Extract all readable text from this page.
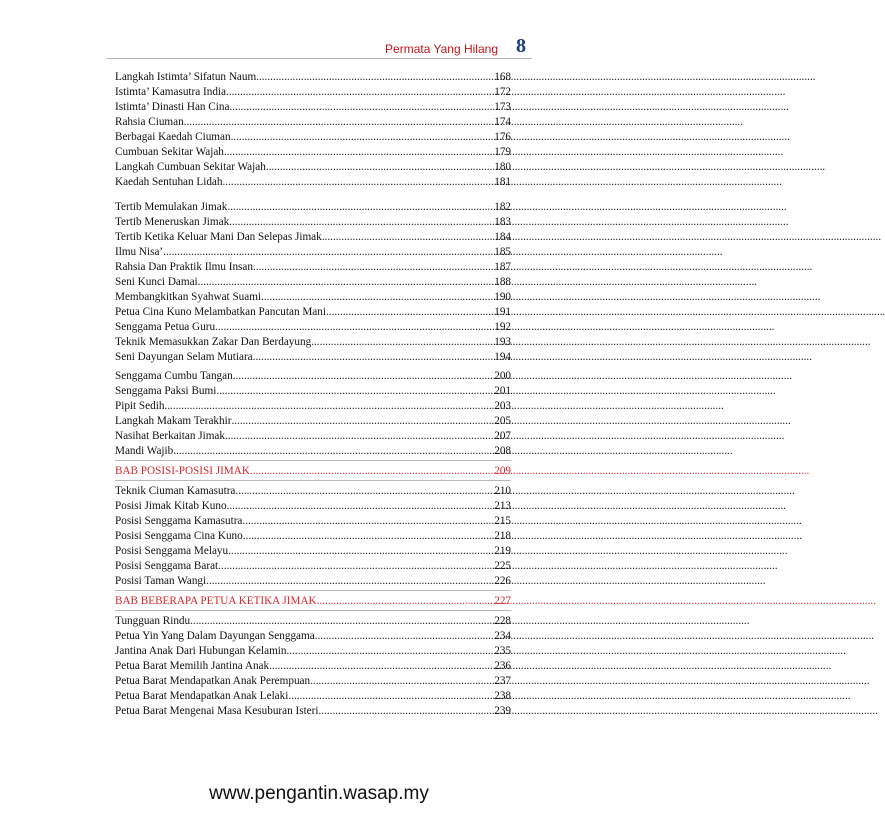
Permata Yang Hilang 8
Langkah Istimta’ Sifatun Naum .....	168
Istimta’ Kamasutra India .....	172
Istimta’ Dinasti Han Cina .....	173
Rahsia Ciuman .....	174
Berbagai Kaedah Ciuman .....	176
Cumbuan Sekitar Wajah .....	179
Langkah Cumbuan Sekitar Wajah .....	180
Kaedah Sentuhan Lidah .....	181
Tertib Memulakan Jimak .....	182
Tertib Meneruskan Jimak .....	183
Tertib Ketika Keluar Mani Dan Selepas Jimak .....	184
Ilmu Nisa’ .....	185
Rahsia Dan Praktik Ilmu Insan .....	187
Seni Kunci Damai .....	188
Membangkitkan Syahwat Suami .....	190
Petua Cina Kuno Melambatkan Pancutan Mani .....	191
Senggama Petua Guru .....	192
Teknik Memasukkan Zakar Dan Berdayung .....	193
Seni Dayungan Selam Mutiara .....	194
Senggama Cumbu Tangan .....	200
Senggama Paksi Bumi .....	201
Pipit Sedih .....	203
Langkah Makam Terakhir .....	205
Nasihat Berkaitan Jimak .....	207
Mandi Wajib .....	208
BAB POSISI-POSISI JIMAK .....	209
Teknik Ciuman Kamasutra .....	210
Posisi Jimak Kitab Kuno .....	213
Posisi Senggama Kamasutra .....	215
Posisi Senggama Cina Kuno .....	218
Posisi Senggama Melayu .....	219
Posisi Senggama Barat .....	225
Posisi Taman Wangi .....	226
BAB BEBERAPA PETUA KETIKA JIMAK .....	227
Tungguan Rindu .....	228
Petua Yin Yang Dalam Dayungan Senggama .....	234
Jantina Anak Dari Hubungan Kelamin .....	235
Petua Barat Memilih Jantina Anak. .....	236
Petua Barat Mendapatkan Anak Perempuan .....	237
Petua Barat Mendapatkan Anak Lelaki. .....	238
Petua Barat Mengenai Masa Kesuburan Isteri .....	239
www.pengantin.wasap.my
